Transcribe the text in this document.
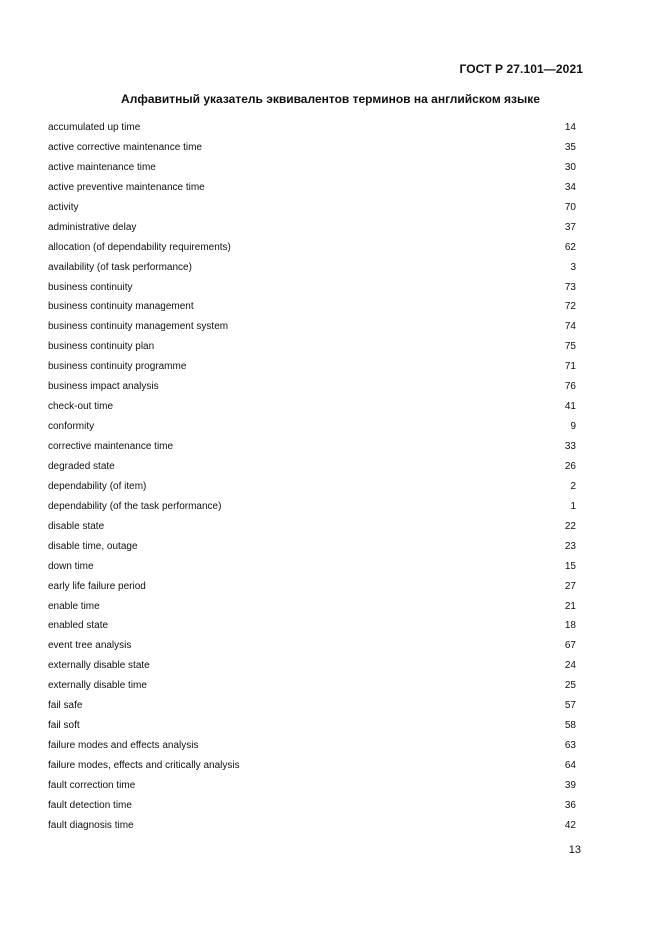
ГОСТ Р 27.101—2021
Алфавитный указатель эквивалентов терминов на английском языке
accumulated up time	14
active corrective maintenance time	35
active maintenance time	30
active preventive maintenance time	34
activity	70
administrative delay	37
allocation (of dependability requirements)	62
availability (of task performance)	3
business continuity	73
business continuity management	72
business continuity management system	74
business continuity plan	75
business continuity programme	71
business impact analysis	76
check-out time	41
conformity	9
corrective maintenance time	33
degraded state	26
dependability (of item)	2
dependability (of the task performance)	1
disable state	22
disable time, outage	23
down time	15
early life failure period	27
enable time	21
enabled state	18
event tree analysis	67
externally disable state	24
externally disable time	25
fail safe	57
fail soft	58
failure modes and effects analysis	63
failure modes, effects and critically analysis	64
fault correction time	39
fault detection time	36
fault diagnosis time	42
13
